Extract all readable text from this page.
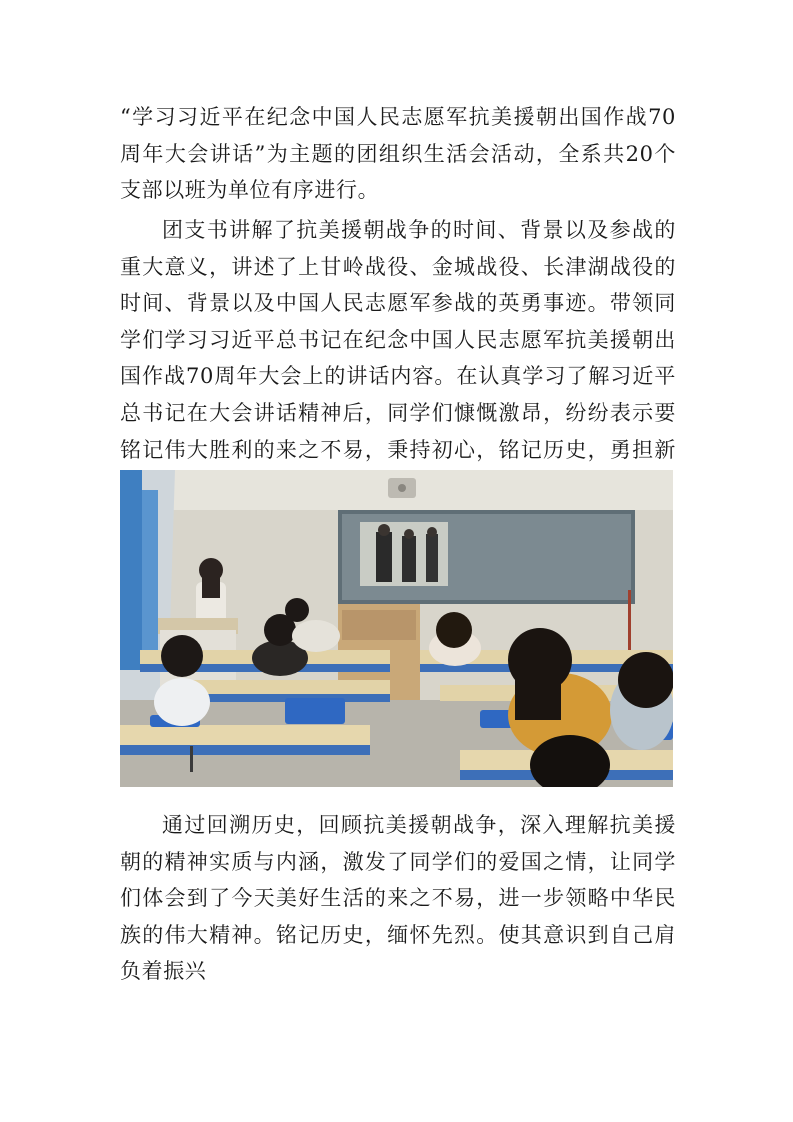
“学习习近平在纪念中国人民志愿军抗美援朝出国作战70周年大会讲话”为主题的团组织生活会活动，全系共20个支部以班为单位有序进行。

团支书讲解了抗美援朝战争的时间、背景以及参战的重大意义，讲述了上甘岭战役、金城战役、长津湖战役的时间、背景以及中国人民志愿军参战的英勇事迹。带领同学们学习习近平总书记在纪念中国人民志愿军抗美援朝出国作战70周年大会上的讲话内容。在认真学习了解习近平总书记在大会讲话精神后，同学们慷慨激昂，纷纷表示要铭记伟大胜利的来之不易，秉持初心，铭记历史，勇担新

通过回溯历史，回顾抗美援朝战争，深入理解抗美援朝的精神实质与内涵，激发了同学们的爱国之情，让同学们体会到了今天美好生活的来之不易，进一步领略中华民族的伟大精神。铭记历史，缅怀先烈。使其意识到自己肩负着振兴
